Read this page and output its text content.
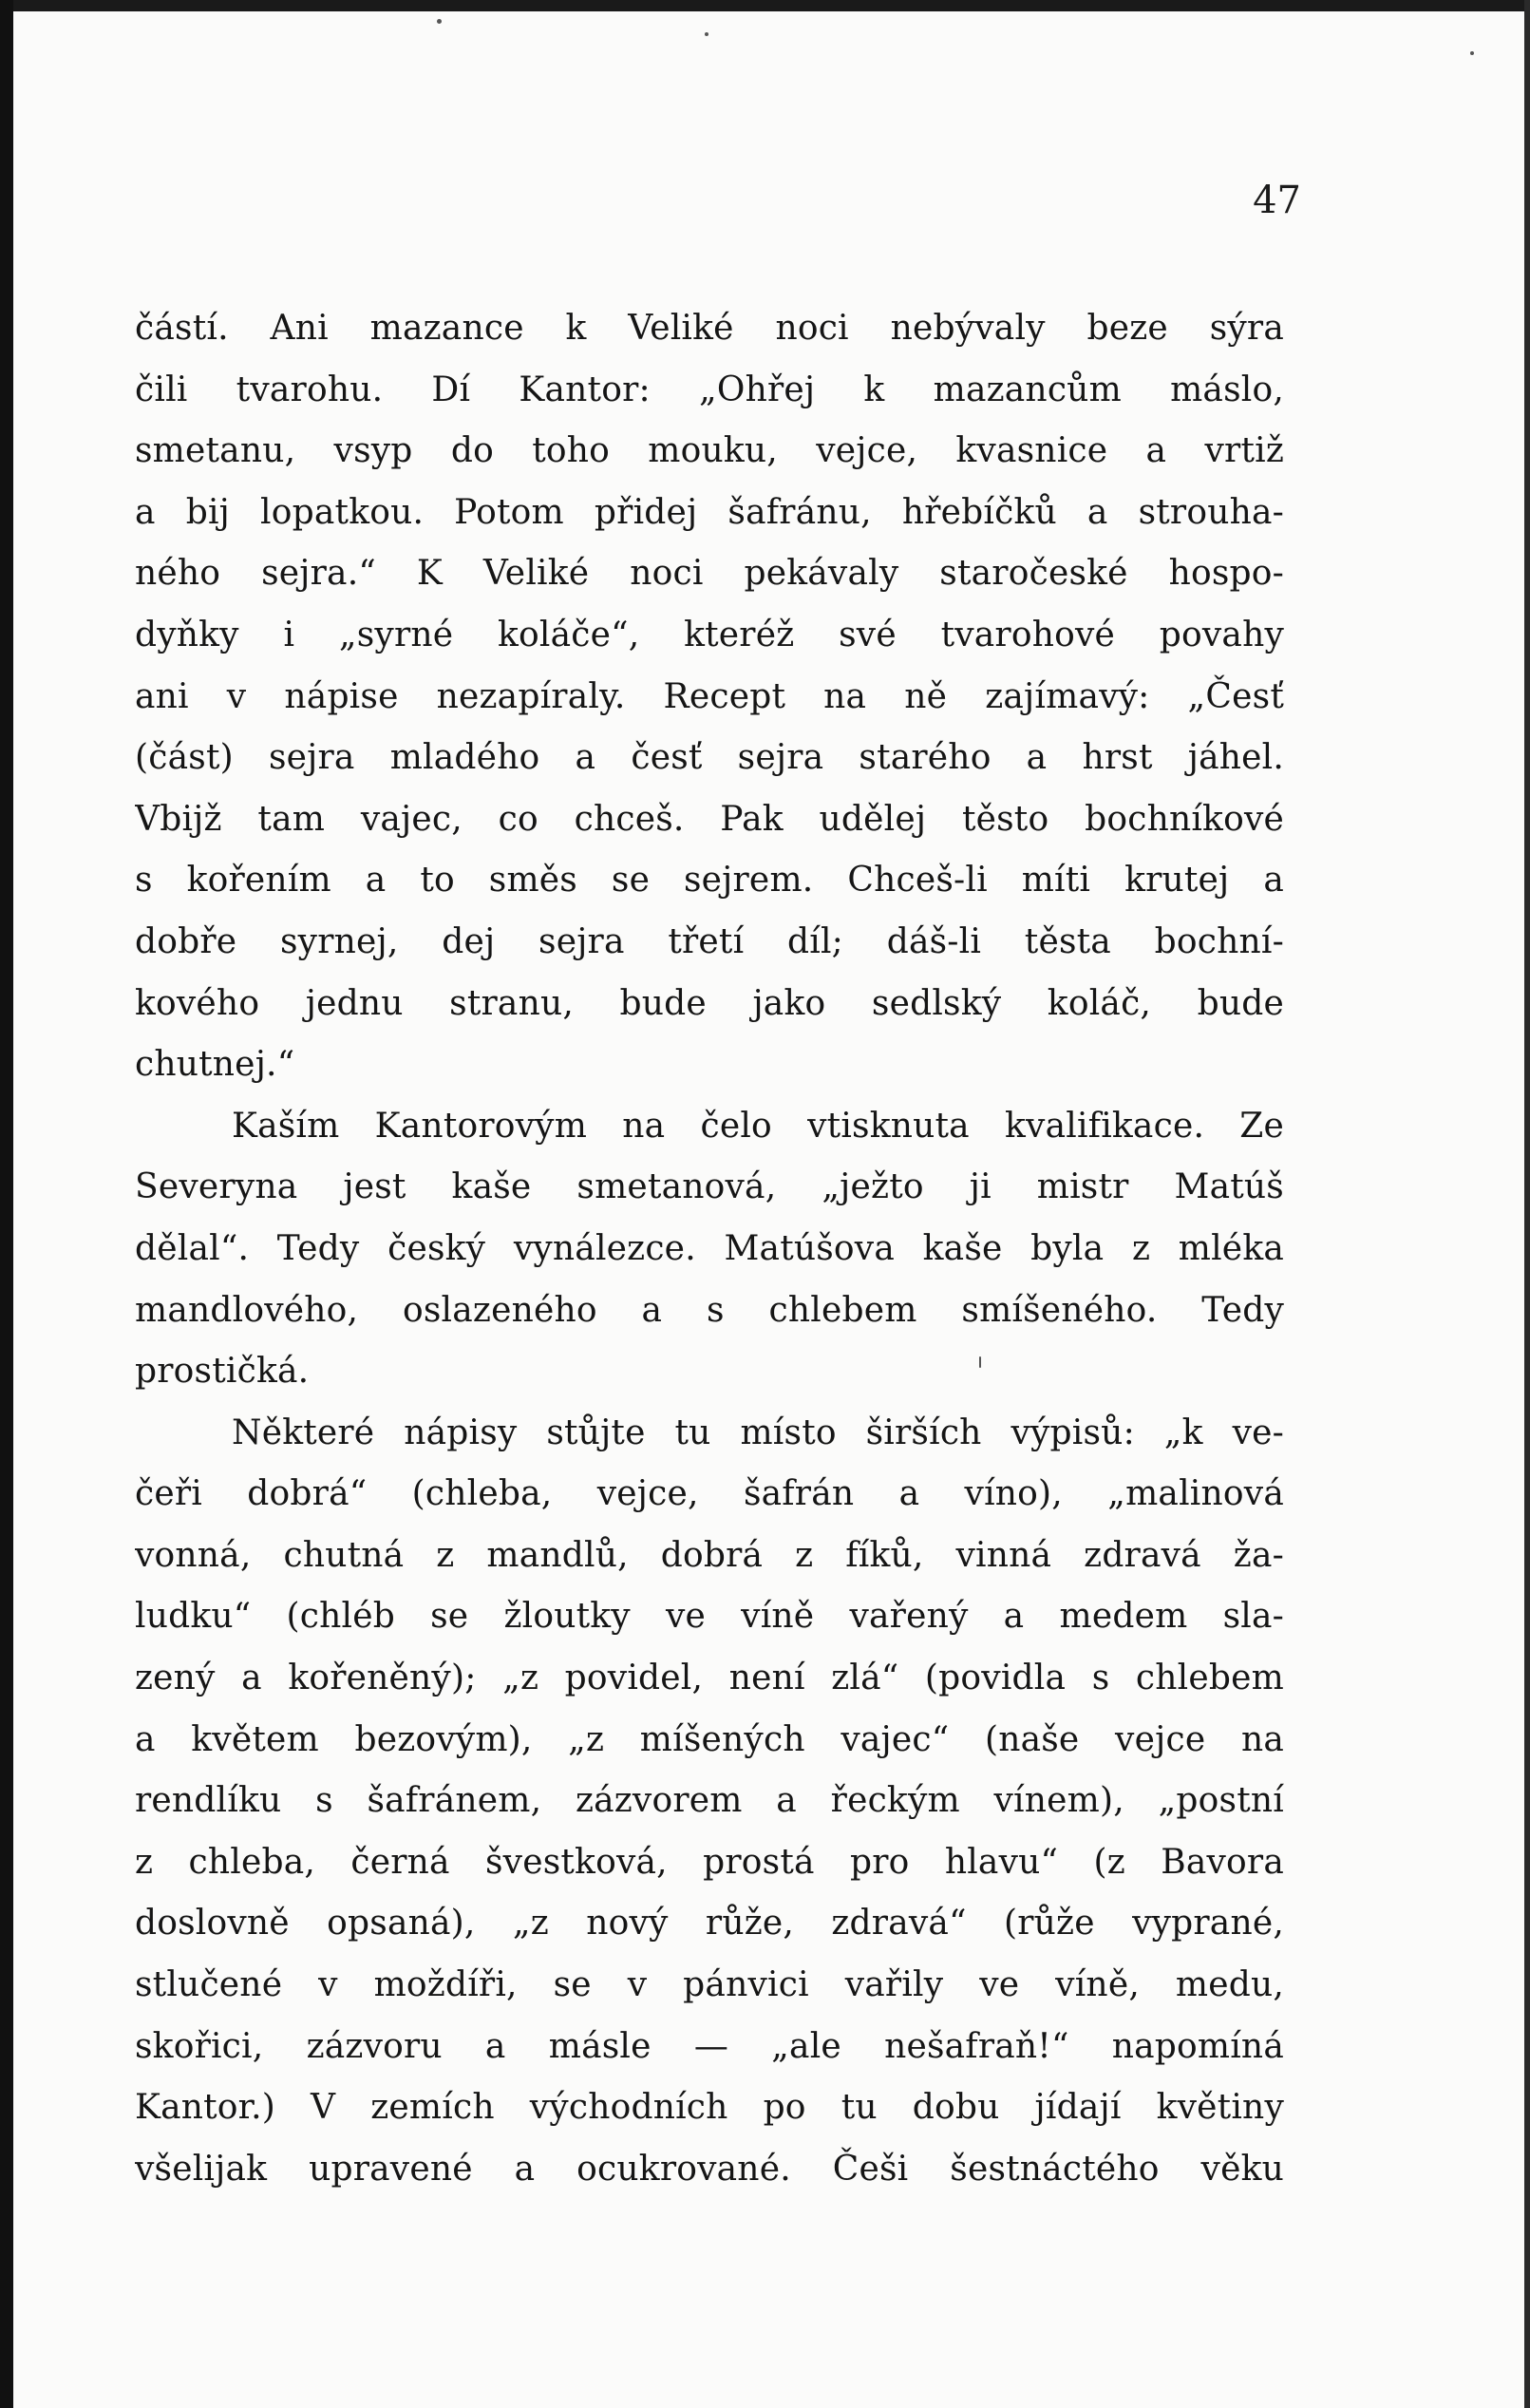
47
částí. Ani mazance k Veliké noci nebývaly beze sýra
čili tvarohu. Dí Kantor: „Ohřej k mazancům máslo,
smetanu, vsyp do toho mouku, vejce, kvasnice a vrtiž
a bij lopatkou. Potom přidej šafránu, hřebíčků a strouha-
ného sejra.“ K Veliké noci pekávaly staročeské hospo-
dyňky i „syrné koláče“, kteréž své tvarohové povahy
ani v nápise nezapíraly. Recept na ně zajímavý: „Česť
(část) sejra mladého a česť sejra starého a hrst jáhel.
Vbijž tam vajec, co chceš. Pak udělej těsto bochníkové
s kořením a to směs se sejrem. Chceš-li míti krutej a
dobře syrnej, dej sejra třetí díl; dáš-li těsta bochní-
kového jednu stranu, bude jako sedlský koláč, bude
chutnej.“
Kaším Kantorovým na čelo vtisknuta kvalifikace. Ze
Severyna jest kaše smetanová, „ježto ji mistr Matúš
dělal“. Tedy český vynálezce. Matúšova kaše byla z mléka
mandlového, oslazeného a s chlebem smíšeného. Tedy
prostičká.
Některé nápisy stůjte tu místo širších výpisů: „k ve-
čeři dobrá“ (chleba, vejce, šafrán a víno), „malinová
vonná, chutná z mandlů, dobrá z fíků, vinná zdravá ža-
ludku“ (chléb se žloutky ve víně vařený a medem sla-
zený a kořeněný); „z povidel, není zlá“ (povidla s chlebem
a květem bezovým), „z míšených vajec“ (naše vejce na
rendlíku s šafránem, zázvorem a řeckým vínem), „postní
z chleba, černá švestková, prostá pro hlavu“ (z Bavora
doslovně opsaná), „z nový růže, zdravá“ (růže vyprané,
stlučené v moždíři, se v pánvici vařily ve víně, medu,
skořici, zázvoru a másle — „ale nešafraň!“ napomíná
Kantor.) V zemích východních po tu dobu jídají květiny
všelijak upravené a ocukrované. Češi šestnáctého věku
